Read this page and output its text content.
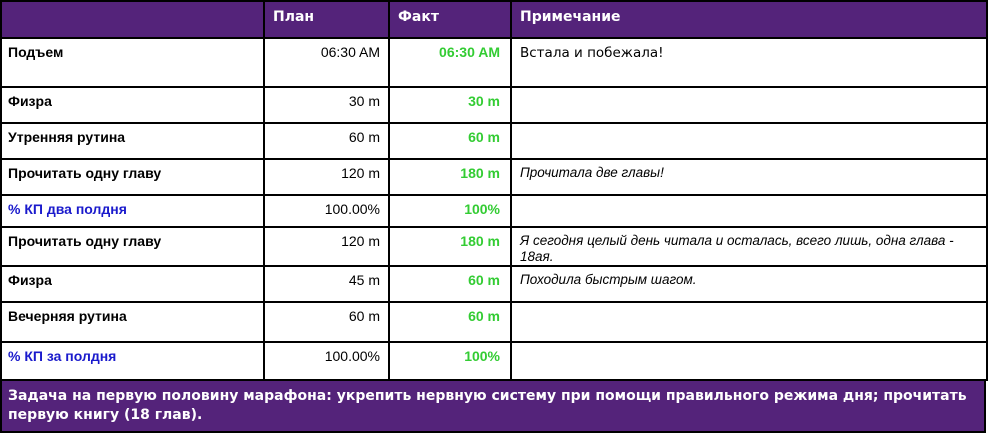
	План	Факт	Примечание
Подъем	06:30 AM	06:30 AM	Встала и побежала!
Физра	30 m	30 m	
Утренняя рутина	60 m	60 m	
Прочитать одну главу	120 m	180 m	Прочитала две главы!
% КП два полдня	100.00%	100%	
Прочитать одну главу	120 m	180 m	Я сегодня целый день читала и осталась, всего лишь, одна глава - 18ая.
Физра	45 m	60 m	Походила быстрым шагом.
Вечерняя рутина	60 m	60 m	
% КП за полдня	100.00%	100%	
Задача на первую половину марафона: укрепить нервную систему при помощи правильного режима дня; прочитать первую книгу (18 глав).
